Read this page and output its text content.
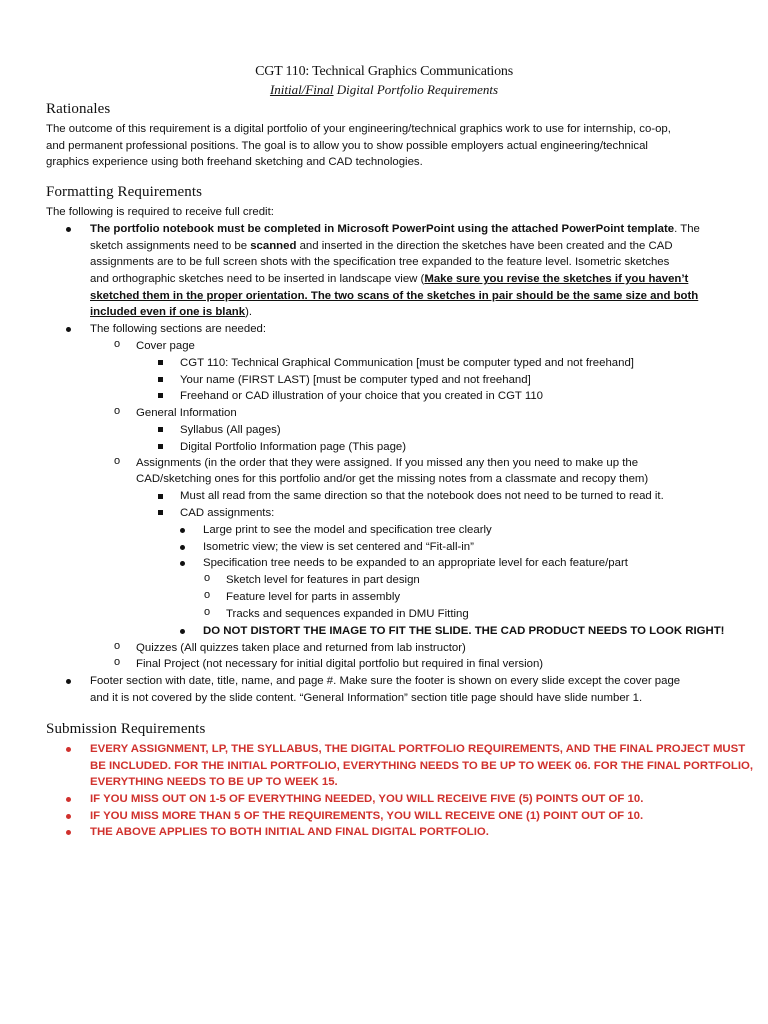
CGT 110: Technical Graphics Communications
Initial/Final Digital Portfolio Requirements
Rationales
The outcome of this requirement is a digital portfolio of your engineering/technical graphics work to use for internship, co-op,
and permanent professional positions. The goal is to allow you to show possible employers actual engineering/technical
graphics experience using both freehand sketching and CAD technologies.
Formatting Requirements
The following is required to receive full credit:
The portfolio notebook must be completed in Microsoft PowerPoint using the attached PowerPoint template. The
sketch assignments need to be scanned and inserted in the direction the sketches have been created and the CAD
assignments are to be full screen shots with the specification tree expanded to the feature level. Isometric sketches
and orthographic sketches need to be inserted in landscape view (Make sure you revise the sketches if you haven’t
sketched them in the proper orientation. The two scans of the sketches in pair should be the same size and both
included even if one is blank).
The following sections are needed:
o Cover page
CGT 110: Technical Graphical Communication [must be computer typed and not freehand]
Your name (FIRST LAST) [must be computer typed and not freehand]
Freehand or CAD illustration of your choice that you created in CGT 110
o General Information
Syllabus (All pages)
Digital Portfolio Information page (This page)
o Assignments (in the order that they were assigned. If you missed any then you need to make up the
CAD/sketching ones for this portfolio and/or get the missing notes from a classmate and recopy them)
Must all read from the same direction so that the notebook does not need to be turned to read it.
CAD assignments:
Large print to see the model and specification tree clearly
Isometric view; the view is set centered and “Fit-all-in”
Specification tree needs to be expanded to an appropriate level for each feature/part
o Sketch level for features in part design
o Feature level for parts in assembly
o Tracks and sequences expanded in DMU Fitting
DO NOT DISTORT THE IMAGE TO FIT THE SLIDE. THE CAD PRODUCT NEEDS TO LOOK RIGHT!
o Quizzes (All quizzes taken place and returned from lab instructor)
o Final Project (not necessary for initial digital portfolio but required in final version)
Footer section with date, title, name, and page #. Make sure the footer is shown on every slide except the cover page
and it is not covered by the slide content. “General Information” section title page should have slide number 1.
Submission Requirements
EVERY ASSIGNMENT, LP, THE SYLLABUS, THE DIGITAL PORTFOLIO REQUIREMENTS, AND THE FINAL PROJECT MUST
BE INCLUDED. FOR THE INITIAL PORTFOLIO, EVERYTHING NEEDS TO BE UP TO WEEK 06. FOR THE FINAL PORTFOLIO,
EVERYTHING NEEDS TO BE UP TO WEEK 15.
IF YOU MISS OUT ON 1-5 OF EVERYTHING NEEDED, YOU WILL RECEIVE FIVE (5) POINTS OUT OF 10.
IF YOU MISS MORE THAN 5 OF THE REQUIREMENTS, YOU WILL RECEIVE ONE (1) POINT OUT OF 10.
THE ABOVE APPLIES TO BOTH INITIAL AND FINAL DIGITAL PORTFOLIO.
